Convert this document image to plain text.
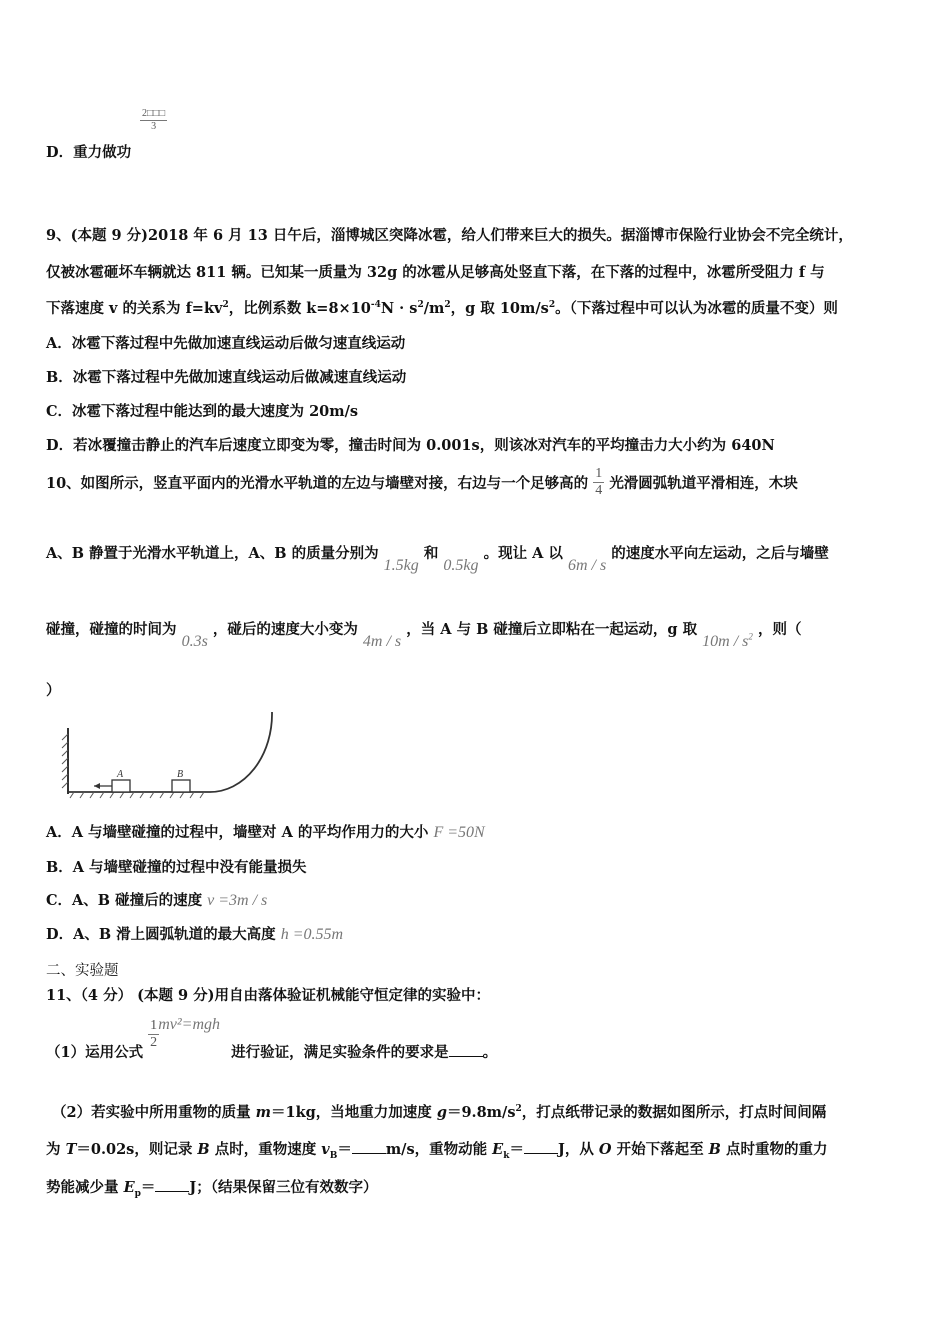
$\frac{2□□□}{3}$
D．重力做功
9、(本题 9 分)2018 年 6 月 13 日午后，淄博城区突降冰雹，给人们带来巨大的损失。据淄博市保险行业协会不完全统计，
仅被冰雹砸坏车辆就达 811 辆。已知某一质量为 32g 的冰雹从足够高处竖直下落，在下落的过程中，冰雹所受阻力 f 与
下落速度 v 的关系为 $f=kv^2$，比例系数 $k=8\times 10^{-4}N \cdot s^2/m^2$，g 取 $10m/s^2$。（下落过程中可以认为冰雹的质量不变）则
A．冰雹下落过程中先做加速直线运动后做匀速直线运动
B．冰雹下落过程中先做加速直线运动后做减速直线运动
C．冰雹下落过程中能达到的最大速度为 20m/s
D．若冰覆撞击静止的汽车后速度立即变为零，撞击时间为 0.001s，则该冰对汽车的平均撞击力大小约为 640N
10、如图所示，竖直平面内的光滑水平轨道的左边与墙壁对接，右边与一个足够高的 $\frac{1}{4}$ 光滑圆弧轨道平滑相连，木块
A、B 静置于光滑水平轨道上，A、B 的质量分别为 1.5kg 和 0.5kg 。现让 A 以 6m / s 的速度水平向左运动，之后与墙壁
碰撞，碰撞的时间为 0.3s ，碰后的速度大小变为 4m / s ，当 A 与 B 碰撞后立即粘在一起运动，g 取 $10m / s^2$ ，则（
）
A	B
A．A 与墙壁碰撞的过程中，墙壁对 A 的平均作用力的大小 F =50N
B．A 与墙壁碰撞的过程中没有能量损失
C．A、B 碰撞后的速度 v =3m / s
D．A、B 滑上圆弧轨道的最大高度 h =0.55m
二、实验题
11、（4 分） (本题 9 分)用自由落体验证机械能守恒定律的实验中：
（1）运用公式
$\frac{1}{2} mv^2=mgh$ 进行验证，满足实验条件的要求是 。
（2）若实验中所用重物的质量 m＝1kg，当地重力加速度 $g=9.8m/s^2$，打点纸带记录的数据如图所示，打点时间间隔
为 T＝0.02s，则记录 B 点时，重物速度 $v_B= m/s$，重物动能 $E_k= J$，从 O 开始下落起至 B 点时重物的重力
势能减少量 $E_p= J$；（结果保留三位有效数字）
